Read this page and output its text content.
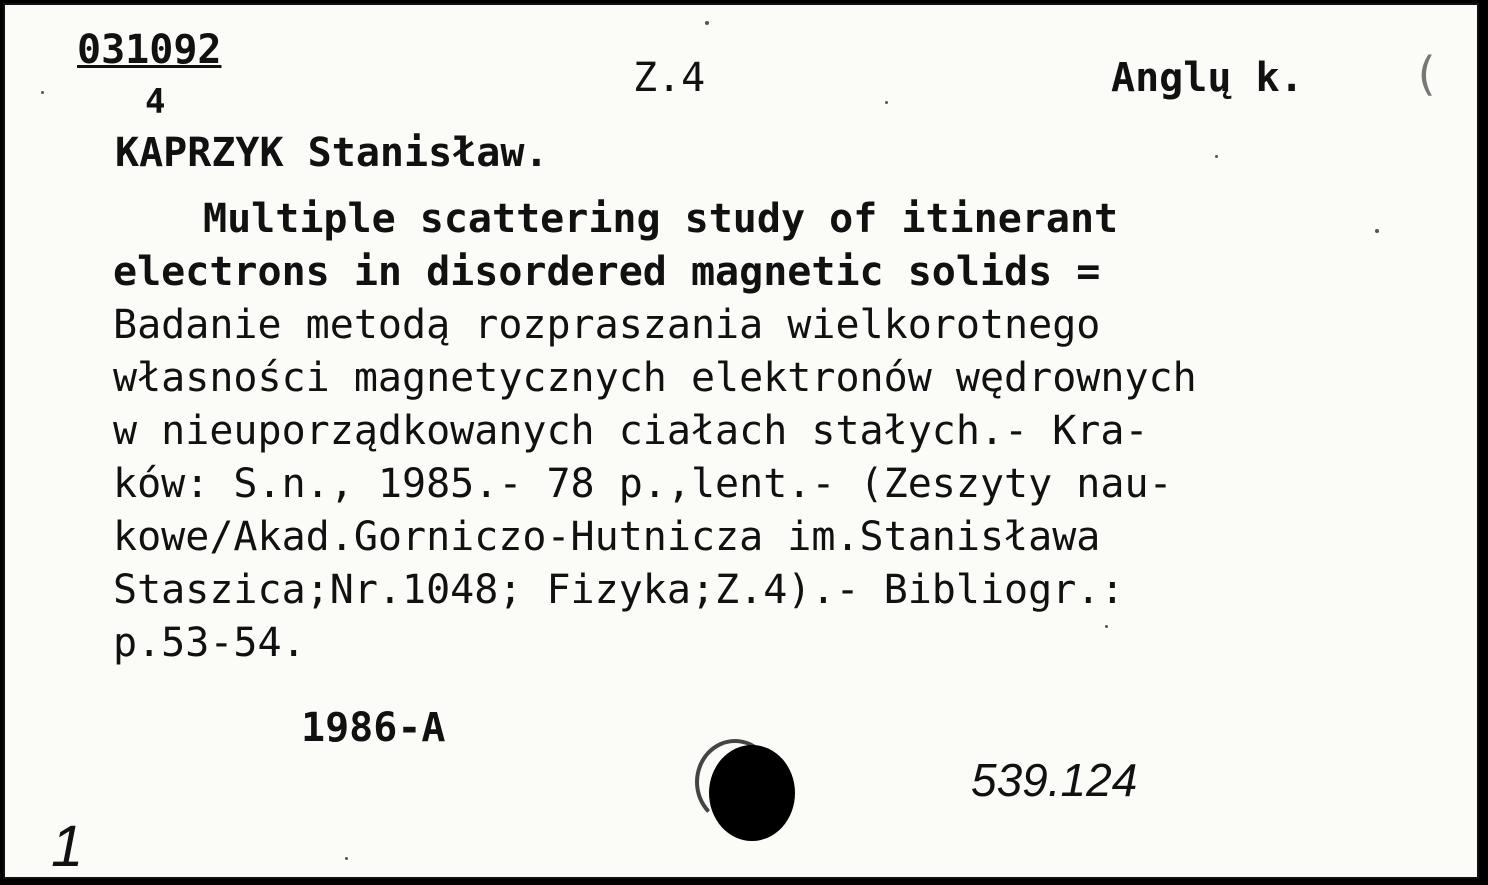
031092
4
Z.4	Anglų k. (
KAPRZYK Stanisław.
Multiple scattering study of itinerant
electrons in disordered magnetic solids =
Badanie metodą rozpraszania wielkorotnego
własności magnetycznych elektronów wędrownych
w nieuporządkowanych ciałach stałych.- Kra-
ków: S.n., 1985.- 78 p.,lent.- (Zeszyty nau-
kowe/Akad.Gorniczo-Hutnicza im.Stanisława
Staszica;Nr.1048; Fizyka;Z.4).- Bibliogr.:
p.53-54.
1986-A
539.124
1
